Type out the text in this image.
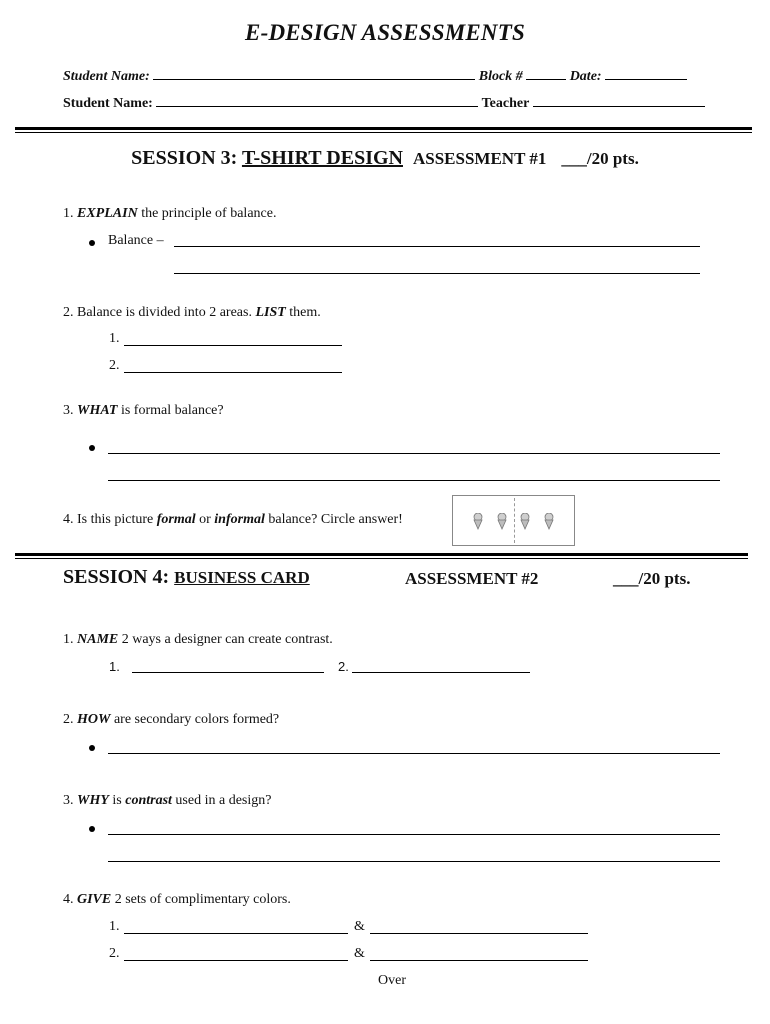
E-DESIGN ASSESSMENTS
Student Name:	Block #	Date:
Student Name:	Teacher
SESSION 3: T-SHIRT DESIGN ASSESSMENT #1 ___/20 pts.
1. EXPLAIN the principle of balance.
Balance –
2. Balance is divided into 2 areas. LIST them.
1.
2.
3. WHAT is formal balance?
4. Is this picture formal or informal balance? Circle answer!
SESSION 4: BUSINESS CARD	ASSESSMENT #2	___/20 pts.
1. NAME 2 ways a designer can create contrast.
1.	2.
2. HOW are secondary colors formed?
3. WHY is contrast used in a design?
4. GIVE 2 sets of complimentary colors.
1.	&
2.	&
Over
